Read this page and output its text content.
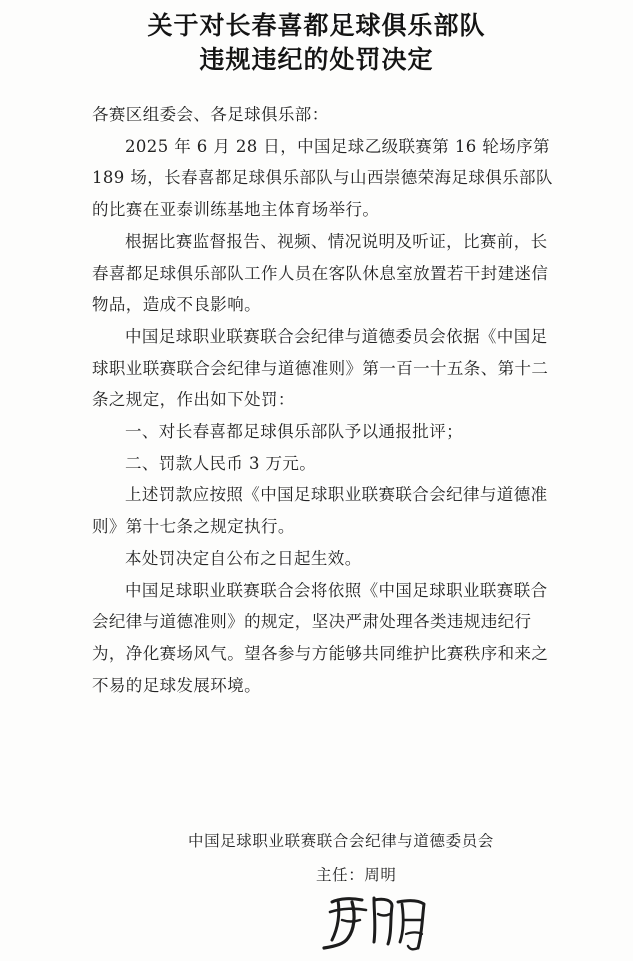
关于对长春喜都足球俱乐部队
违规违纪的处罚决定

各赛区组委会、各足球俱乐部：

2025 年 6 月 28 日，中国足球乙级联赛第 16 轮场序第 189 场，长春喜都足球俱乐部队与山西崇德荣海足球俱乐部队的比赛在亚泰训练基地主体育场举行。

根据比赛监督报告、视频、情况说明及听证，比赛前，长春喜都足球俱乐部队工作人员在客队休息室放置若干封建迷信物品，造成不良影响。

中国足球职业联赛联合会纪律与道德委员会依据《中国足球职业联赛联合会纪律与道德准则》第一百一十五条、第十二条之规定，作出如下处罚：

一、对长春喜都足球俱乐部队予以通报批评；

二、罚款人民币 3 万元。

上述罚款应按照《中国足球职业联赛联合会纪律与道德准则》第十七条之规定执行。

本处罚决定自公布之日起生效。

中国足球职业联赛联合会将依照《中国足球职业联赛联合会纪律与道德准则》的规定，坚决严肃处理各类违规违纪行为，净化赛场风气。望各参与方能够共同维护比赛秩序和来之不易的足球发展环境。

中国足球职业联赛联合会纪律与道德委员会
主任：周明
